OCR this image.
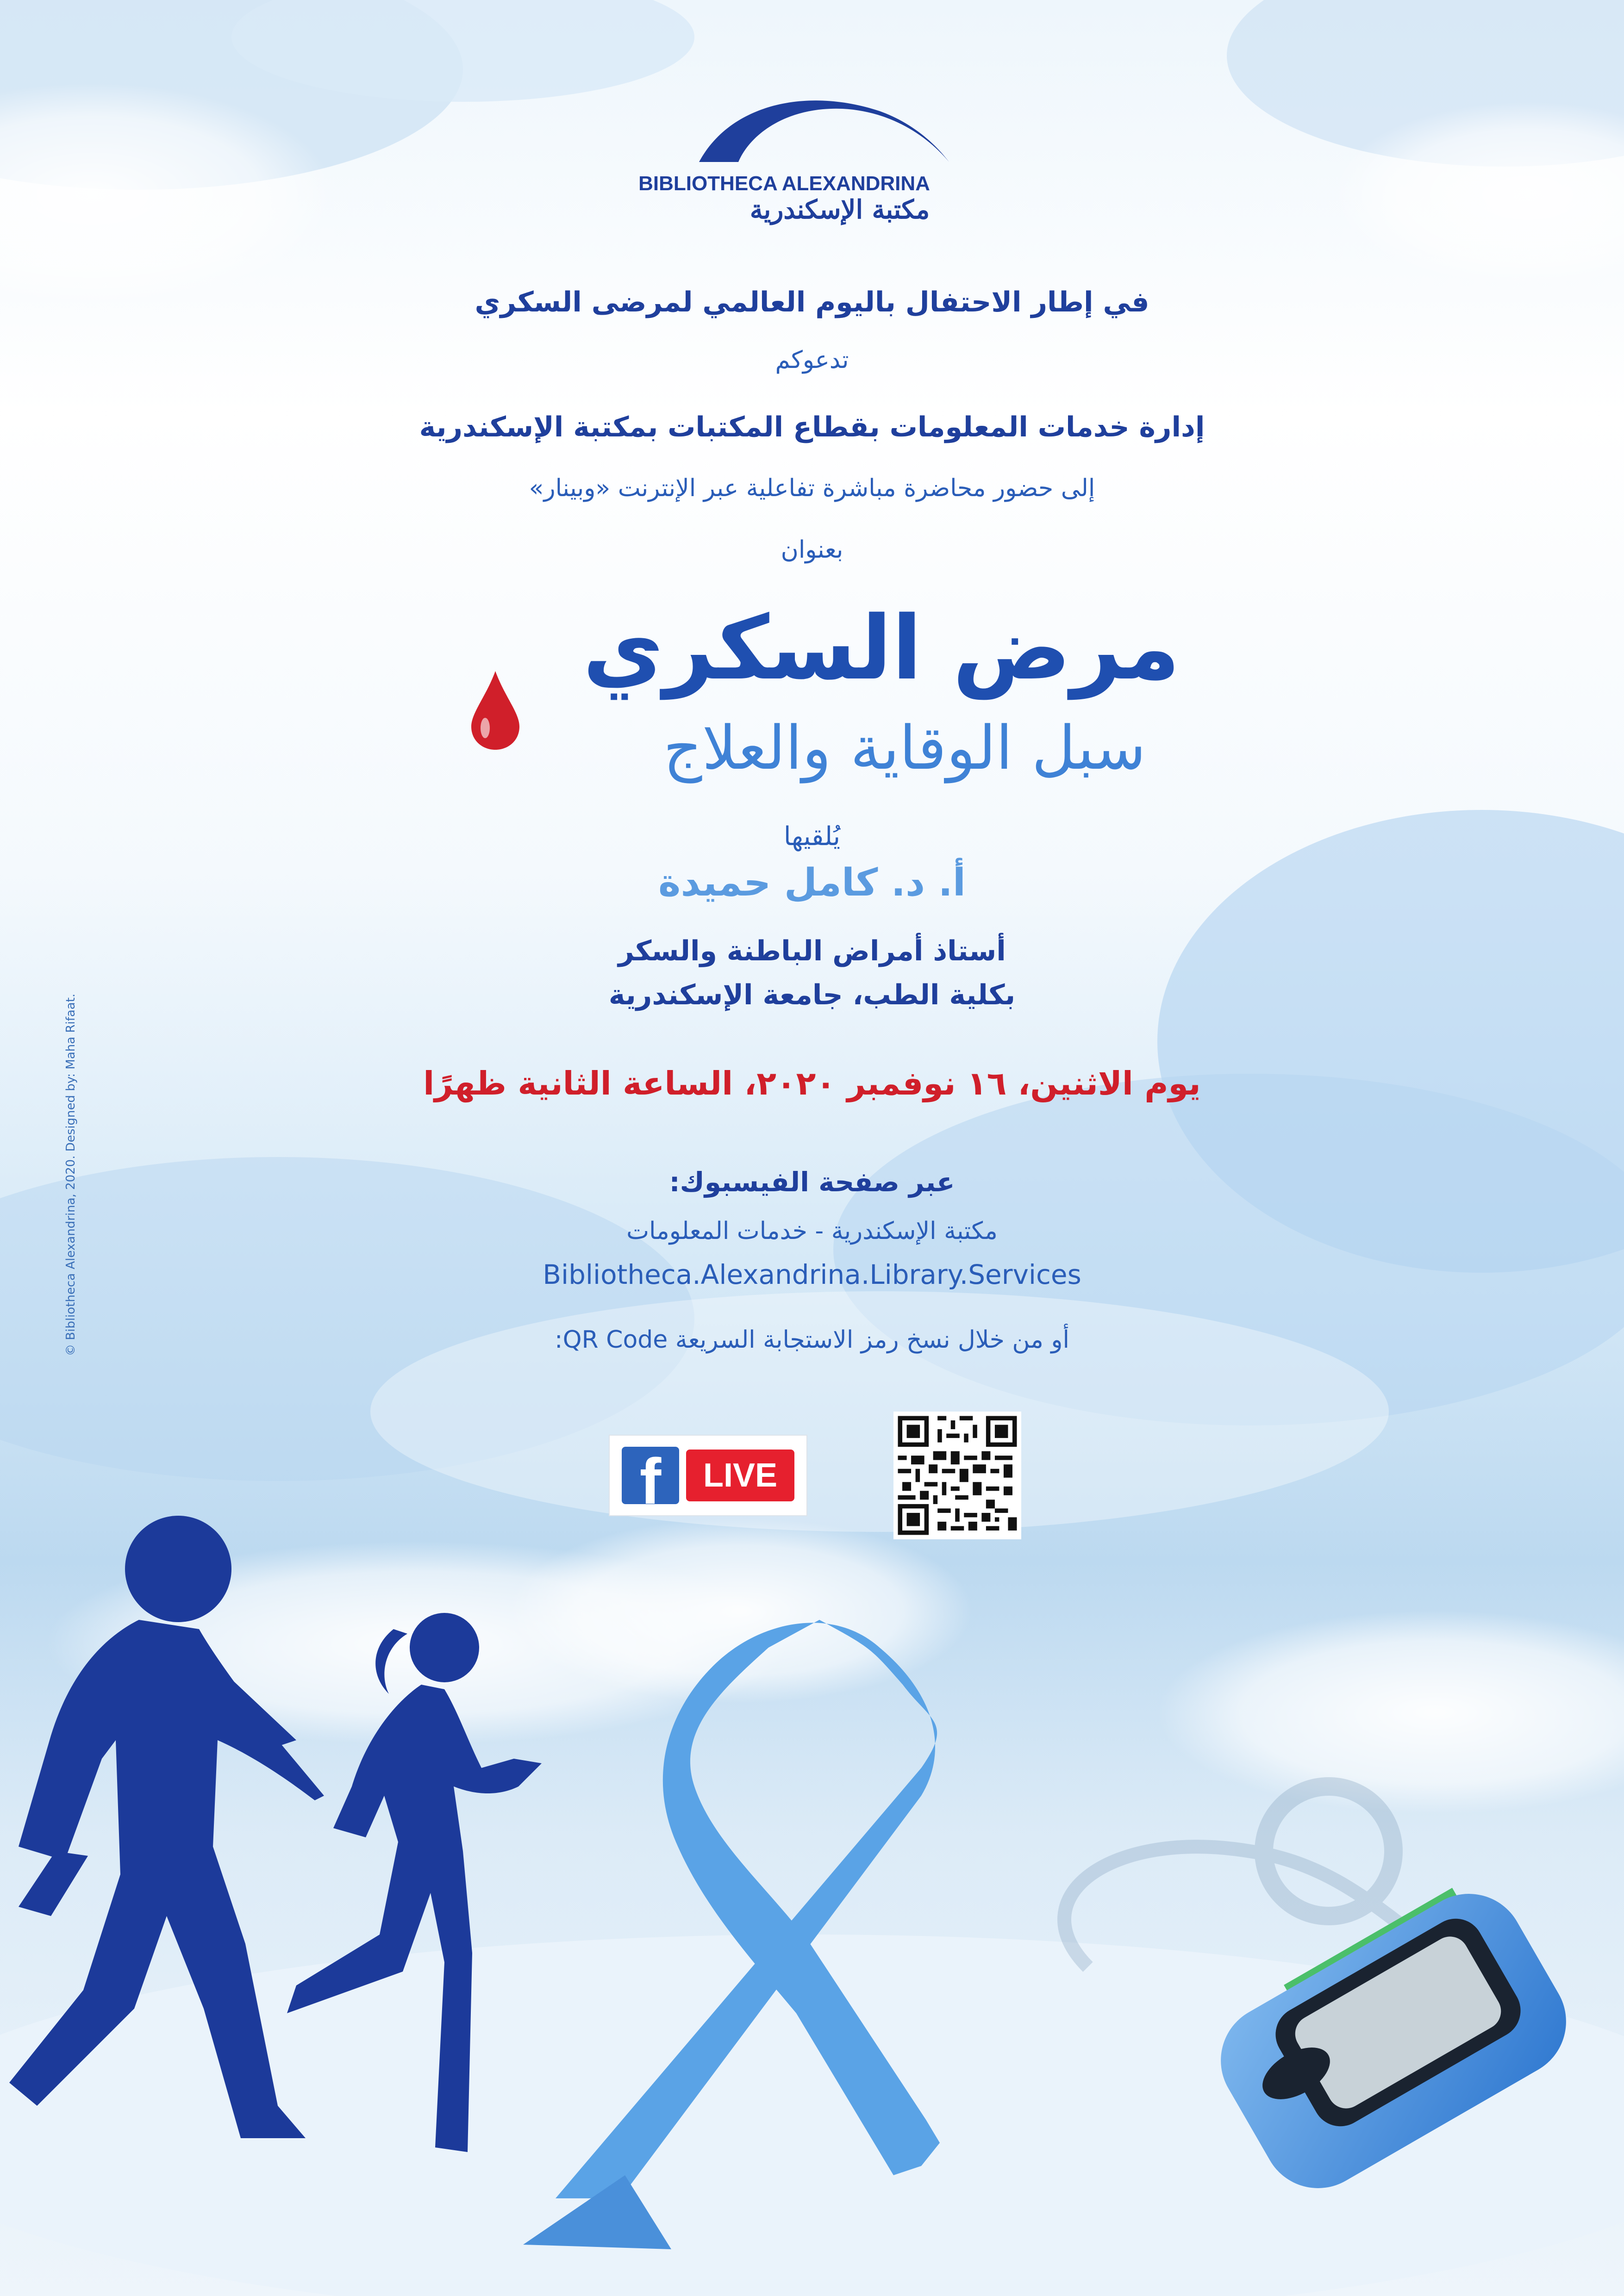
BIBLIOTHECA ALEXANDRINA
مكتبة الإسكندرية
في إطار الاحتفال باليوم العالمي لمرضى السكري
تدعوكم
إدارة خدمات المعلومات بقطاع المكتبات بمكتبة الإسكندرية
إلى حضور محاضرة مباشرة تفاعلية عبر الإنترنت «وبينار»
بعنوان
مرض السكري
سبل الوقاية والعلاج
يُلقيها
أ. د. كامل حميدة
أستاذ أمراض الباطنة والسكر
بكلية الطب، جامعة الإسكندرية
يوم الاثنين، ١٦ نوفمبر ٢٠٢٠، الساعة الثانية ظهرًا
عبر صفحة الفيسبوك:
مكتبة الإسكندرية - خدمات المعلومات
Bibliotheca.Alexandrina.Library.Services
أو من خلال نسخ رمز الاستجابة السريعة QR Code:
f	LIVE
© Bibliotheca Alexandrina, 2020. Designed by: Maha Rifaat.
